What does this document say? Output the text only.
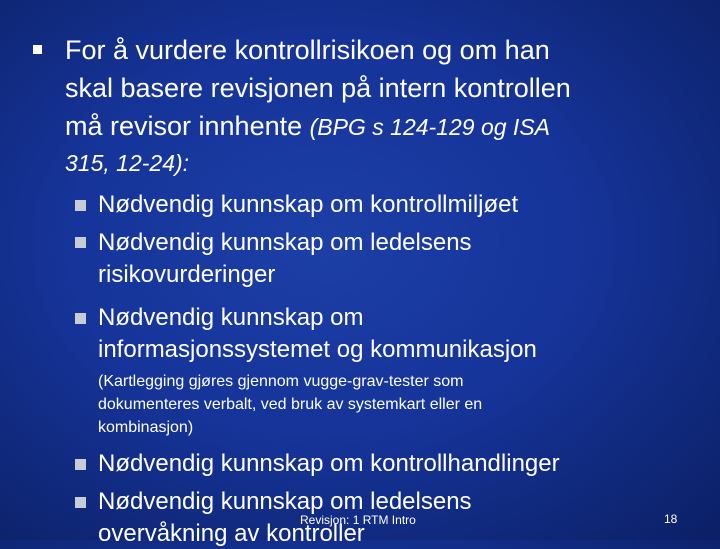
For å vurdere kontrollrisikoen og om han
skal basere revisjonen på intern kontrollen
må revisor innhente (BPG s 124-129 og ISA
315, 12-24):
Nødvendig kunnskap om kontrollmiljøet
Nødvendig kunnskap om ledelsens
risikovurderinger
Nødvendig kunnskap om
informasjonssystemet og kommunikasjon
(Kartlegging gjøres gjennom vugge-grav-tester som
dokumenteres verbalt, ved bruk av systemkart eller en
kombinasjon)
Nødvendig kunnskap om kontrollhandlinger
Nødvendig kunnskap om ledelsens
overvåkning av kontroller
Revisjon: 1 RTM Intro	18
